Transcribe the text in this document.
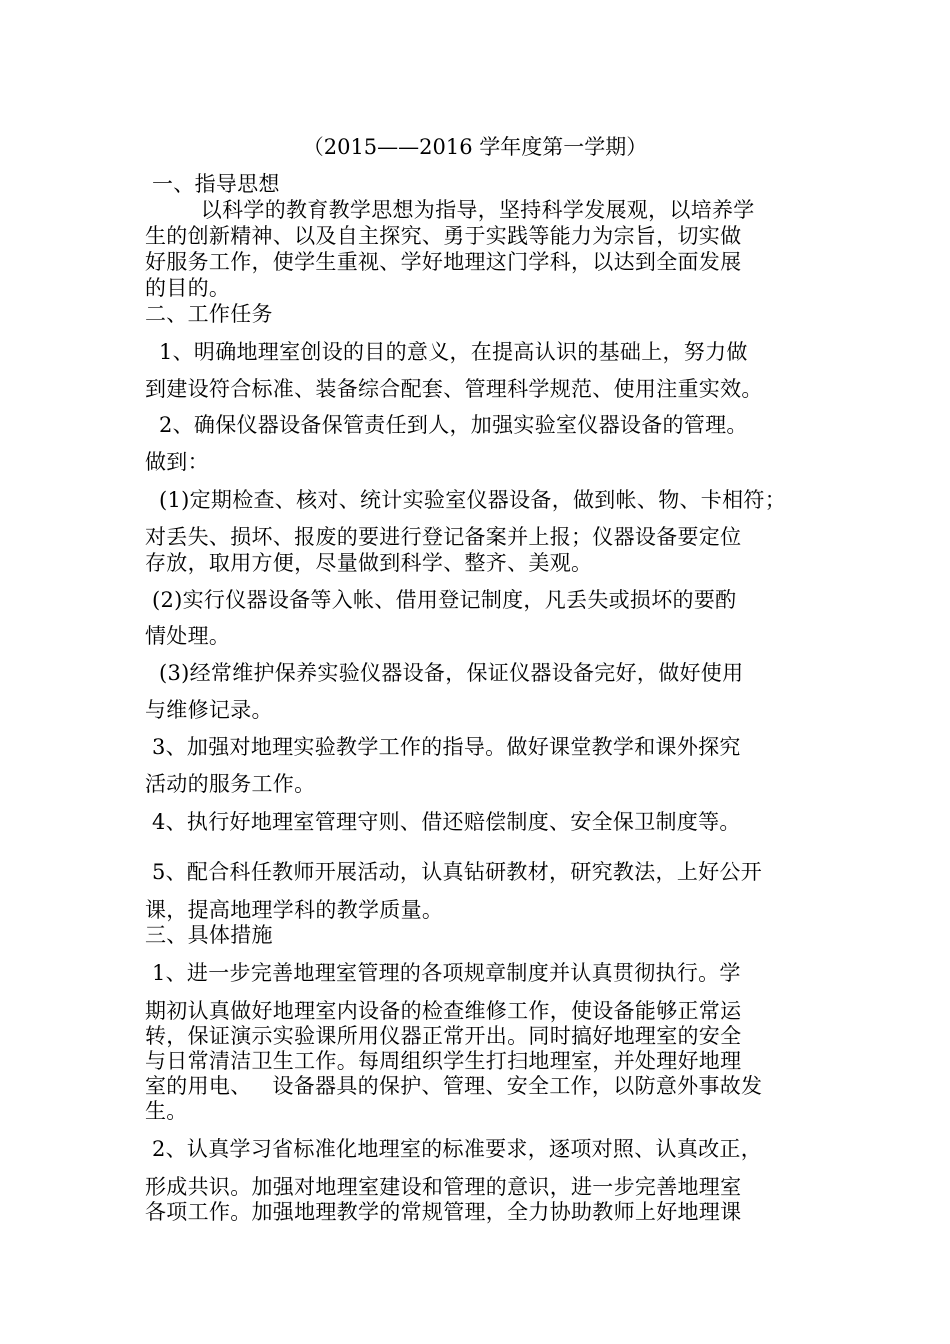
（2015——2016 学年度第一学期）

一、指导思想

以科学的教育教学思想为指导，坚持科学发展观，以培养学

生的创新精神、以及自主探究、勇于实践等能力为宗旨，切实做

好服务工作，使学生重视、学好地理这门学科，以达到全面发展

的目的。

二、工作任务

1、明确地理室创设的目的意义，在提高认识的基础上，努力做

到建设符合标准、装备综合配套、管理科学规范、使用注重实效。

2、确保仪器设备保管责任到人，加强实验室仪器设备的管理。

做到：

(1)定期检查、核对、统计实验室仪器设备，做到帐、物、卡相符；

对丢失、损坏、报废的要进行登记备案并上报；仪器设备要定位

存放，取用方便，尽量做到科学、整齐、美观。

(2)实行仪器设备等入帐、借用登记制度，凡丢失或损坏的要酌

情处理。

(3)经常维护保养实验仪器设备，保证仪器设备完好，做好使用

与维修记录。

3、加强对地理实验教学工作的指导。做好课堂教学和课外探究

活动的服务工作。

4、执行好地理室管理守则、借还赔偿制度、安全保卫制度等。

5、配合科任教师开展活动，认真钻研教材，研究教法，上好公开

课，提高地理学科的教学质量。

三、具体措施

1、进一步完善地理室管理的各项规章制度并认真贯彻执行。学

期初认真做好地理室内设备的检查维修工作，使设备能够正常运

转，保证演示实验课所用仪器正常开出。同时搞好地理室的安全

与日常清洁卫生工作。每周组织学生打扫地理室，并处理好地理

室的用电、   设备器具的保护、管理、安全工作，以防意外事故发

生。

2、认真学习省标准化地理室的标准要求，逐项对照、认真改正，

形成共识。加强对地理室建设和管理的意识，进一步完善地理室

各项工作。加强地理教学的常规管理，全力协助教师上好地理课
